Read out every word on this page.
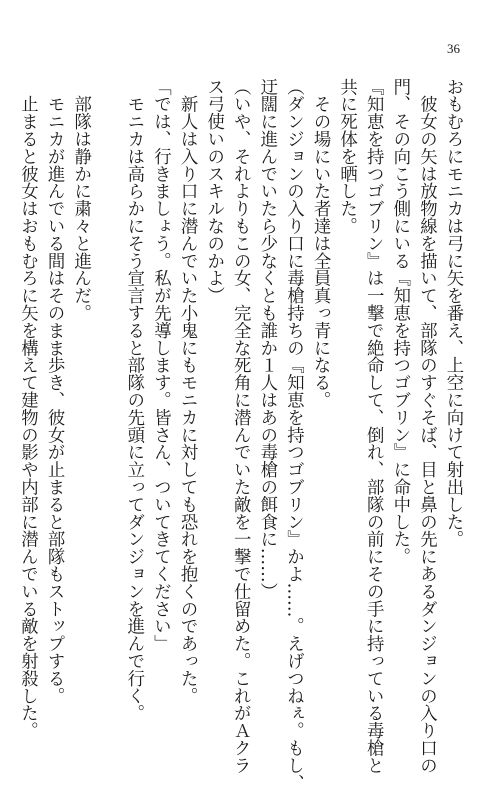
36
おもむろにモニカは弓に矢を番え、上空に向けて射出した。
　彼女の矢は放物線を描いて、部隊のすぐそば、目と鼻の先にあるダンジョンの入り口の
門、その向こう側にいる『知恵を持つゴブリン』に命中した。
『知恵を持つゴブリン』は一撃で絶命して、倒れ、部隊の前にその手に持っている毒槍と
共に死体を晒した。
　その場にいた者達は全員真っ青になる。
（ダンジョンの入り口に毒槍持ちの『知恵を持つゴブリン』かよ……。えげつねぇ。もし、
迂闊に進んでいたら少なくとも誰か１人はあの毒槍の餌食に……）
（いや、それよりもこの女、完全な死角に潜んでいた敵を一撃で仕留めた。これがＡクラ
ス弓使いのスキルなのかよ）
　新人は入り口に潜んでいた小鬼にもモニカに対しても恐れを抱くのであった。
「では、行きましょう。私が先導します。皆さん、ついてきてください」
　モニカは高らかにそう宣言すると部隊の先頭に立ってダンジョンを進んで行く。
　部隊は静かに粛々と進んだ。
　モニカが進んでいる間はそのまま歩き、彼女が止まると部隊もストップする。
　止まると彼女はおもむろに矢を構えて建物の影や内部に潜んでいる敵を射殺した。
